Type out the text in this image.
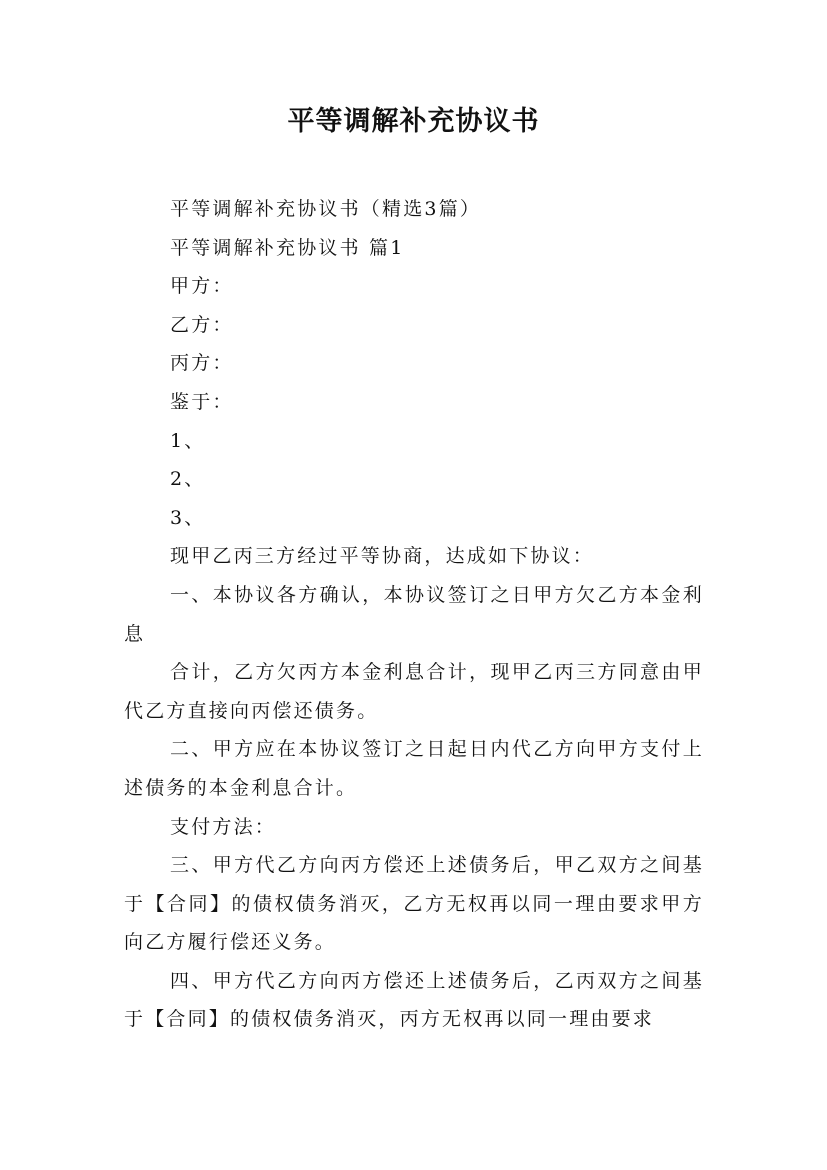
平等调解补充协议书

平等调解补充协议书（精选3篇）

平等调解补充协议书 篇1

甲方：

乙方：

丙方：

鉴于：

1、

2、

3、

现甲乙丙三方经过平等协商，达成如下协议：

一、本协议各方确认，本协议签订之日甲方欠乙方本金利息

合计，乙方欠丙方本金利息合计，现甲乙丙三方同意由甲代乙方直接向丙偿还债务。

二、甲方应在本协议签订之日起日内代乙方向甲方支付上述债务的本金利息合计。

支付方法：

三、甲方代乙方向丙方偿还上述债务后，甲乙双方之间基于【合同】的债权债务消灭，乙方无权再以同一理由要求甲方向乙方履行偿还义务。

四、甲方代乙方向丙方偿还上述债务后，乙丙双方之间基于【合同】的债权债务消灭，丙方无权再以同一理由要求
